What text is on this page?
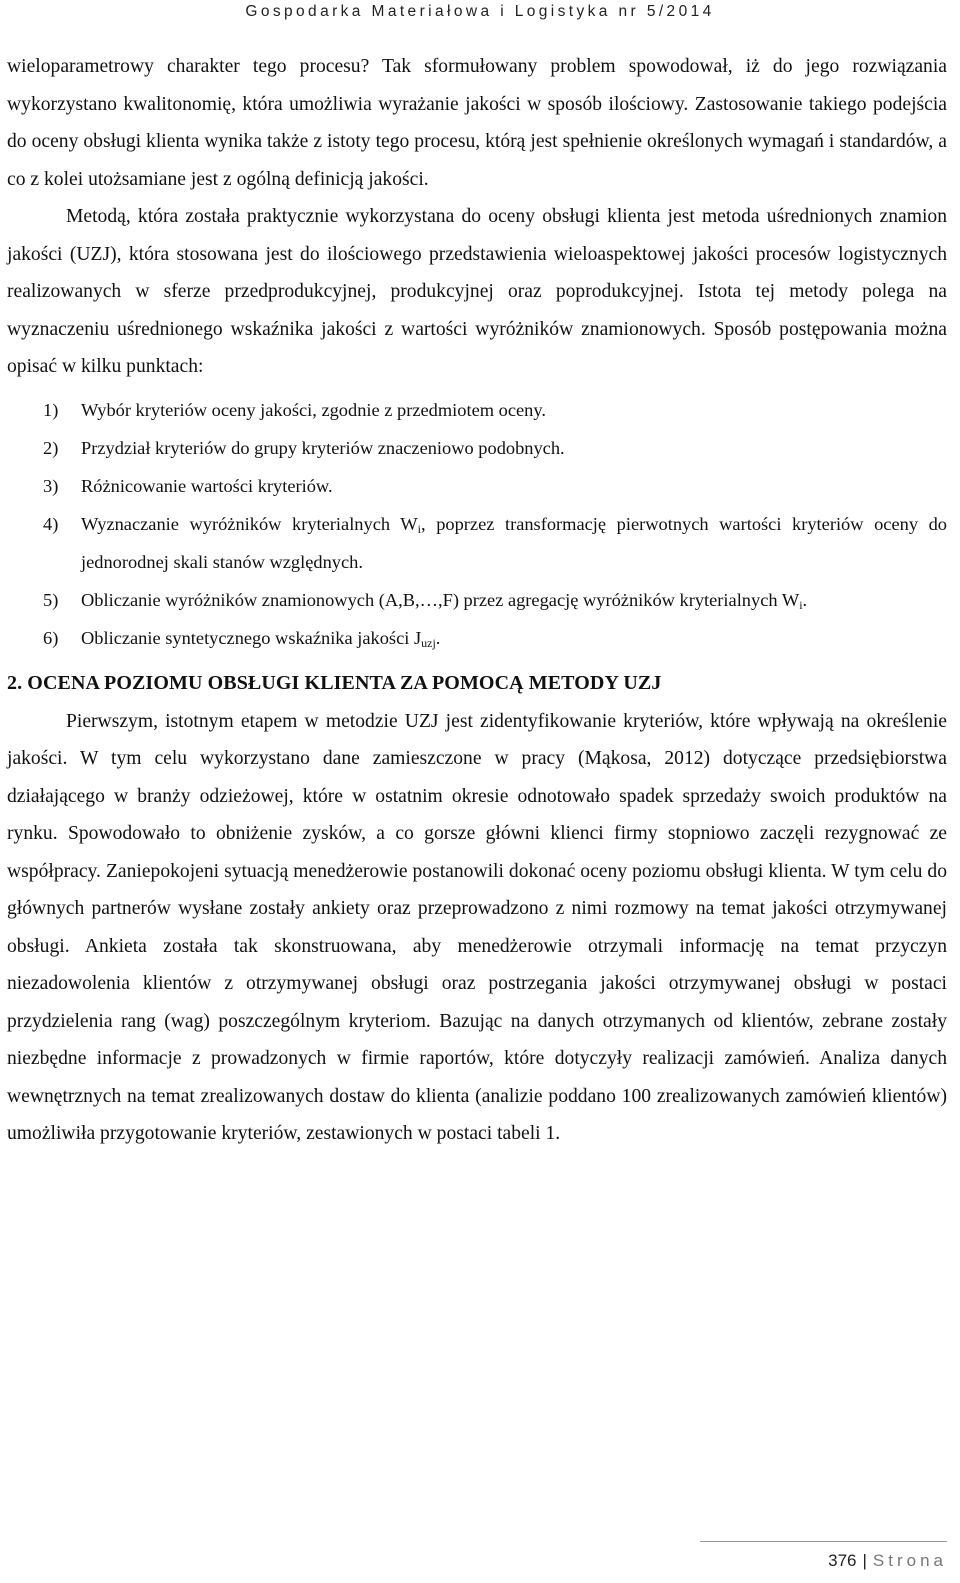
Gospodarka Materiałowa i Logistyka nr 5/2014

wieloparametrowy charakter tego procesu? Tak sformułowany problem spowodował, iż do jego rozwiązania wykorzystano kwalitonomię, która umożliwia wyrażanie jakości w sposób ilościowy. Zastosowanie takiego podejścia do oceny obsługi klienta wynika także z istoty tego procesu, którą jest spełnienie określonych wymagań i standardów, a co z kolei utożsamiane jest z ogólną definicją jakości.

Metodą, która została praktycznie wykorzystana do oceny obsługi klienta jest metoda uśrednionych znamion jakości (UZJ), która stosowana jest do ilościowego przedstawienia wieloaspektowej jakości procesów logistycznych realizowanych w sferze przedprodukcyjnej, produkcyjnej oraz poprodukcyjnej. Istota tej metody polega na wyznaczeniu uśrednionego wskaźnika jakości z wartości wyróżników znamionowych. Sposób postępowania można opisać w kilku punktach:

1) Wybór kryteriów oceny jakości, zgodnie z przedmiotem oceny.
2) Przydział kryteriów do grupy kryteriów znaczeniowo podobnych.
3) Różnicowanie wartości kryteriów.
4) Wyznaczanie wyróżników kryterialnych $W_i$, poprzez transformację pierwotnych wartości kryteriów oceny do jednorodnej skali stanów względnych.
5) Obliczanie wyróżników znamionowych (A,B,…,F) przez agregację wyróżników kryterialnych $W_i$.
6) Obliczanie syntetycznego wskaźnika jakości $J_{uzj}$.
2. OCENA POZIOMU OBSŁUGI KLIENTA ZA POMOCĄ METODY UZJ

Pierwszym, istotnym etapem w metodzie UZJ jest zidentyfikowanie kryteriów, które wpływają na określenie jakości. W tym celu wykorzystano dane zamieszczone w pracy (Mąkosa, 2012) dotyczące przedsiębiorstwa działającego w branży odzieżowej, które w ostatnim okresie odnotowało spadek sprzedaży swoich produktów na rynku. Spowodowało to obniżenie zysków, a co gorsze główni klienci firmy stopniowo zaczęli rezygnować ze współpracy. Zaniepokojeni sytuacją menedżerowie postanowili dokonać oceny poziomu obsługi klienta. W tym celu do głównych partnerów wysłane zostały ankiety oraz przeprowadzono z nimi rozmowy na temat jakości otrzymywanej obsługi. Ankieta została tak skonstruowana, aby menedżerowie otrzymali informację na temat przyczyn niezadowolenia klientów z otrzymywanej obsługi oraz postrzegania jakości otrzymywanej obsługi w postaci przydzielenia rang (wag) poszczególnym kryteriom. Bazując na danych otrzymanych od klientów, zebrane zostały niezbędne informacje z prowadzonych w firmie raportów, które dotyczyły realizacji zamówień. Analiza danych wewnętrznych na temat zrealizowanych dostaw do klienta (analizie poddano 100 zrealizowanych zamówień klientów) umożliwiła przygotowanie kryteriów, zestawionych w postaci tabeli 1.

376 | Strona
